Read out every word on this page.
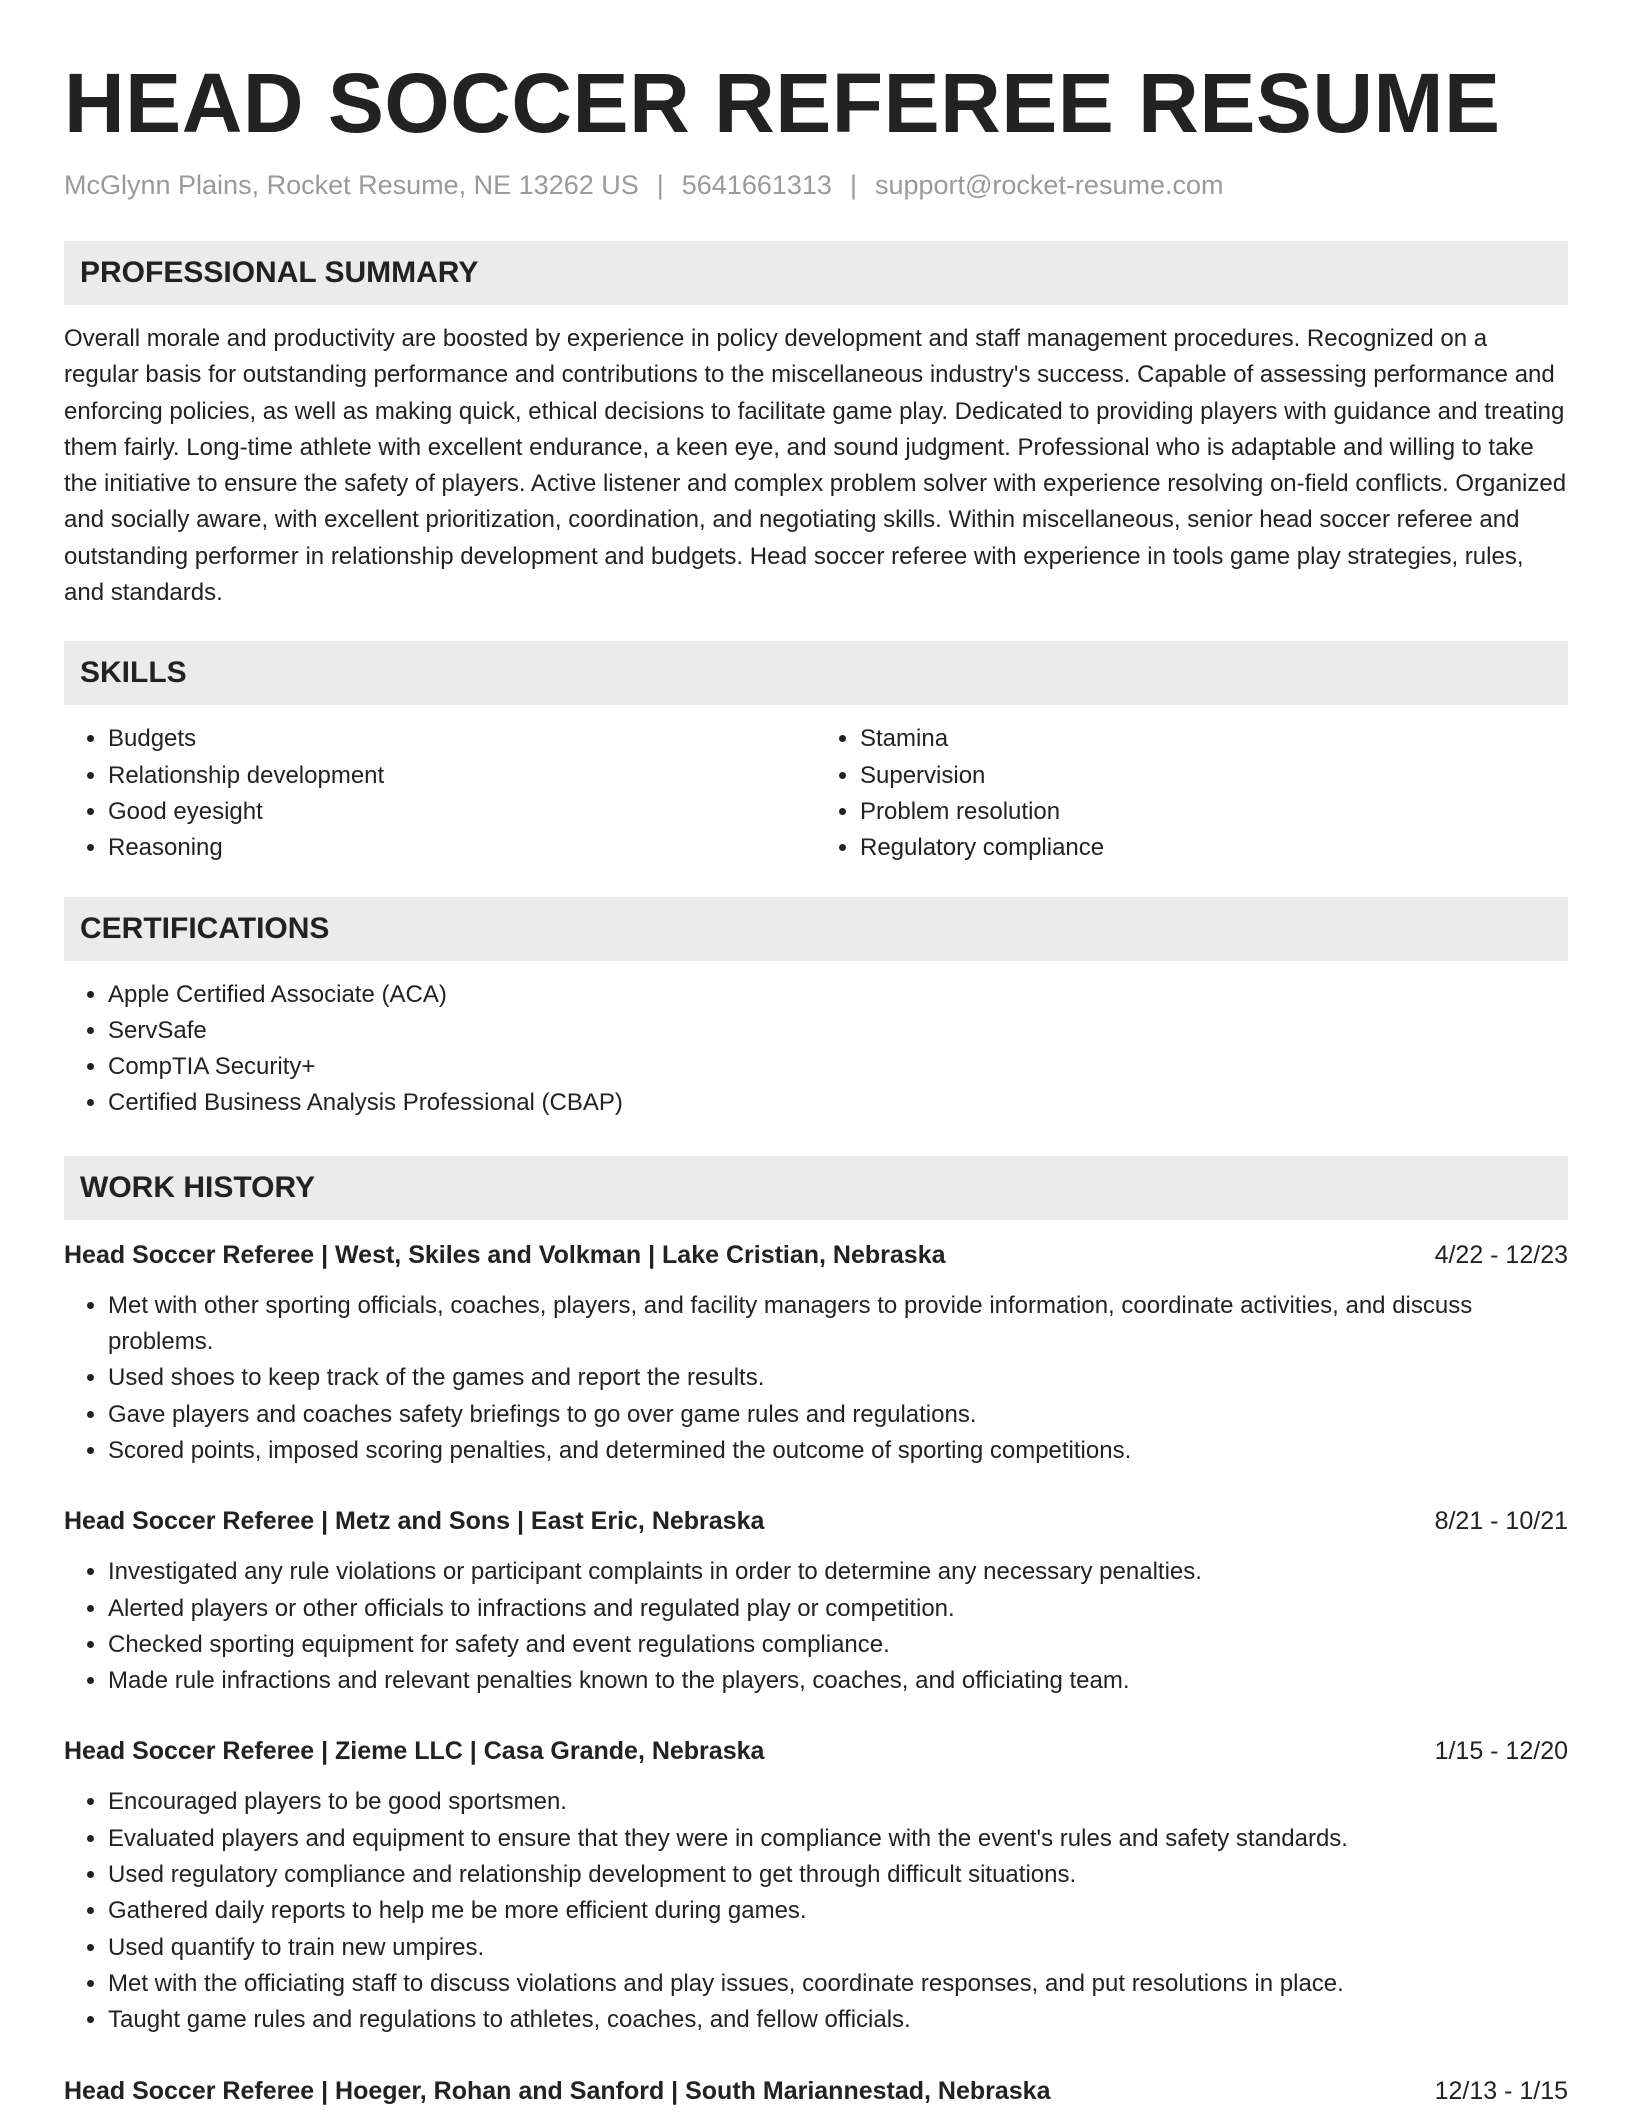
HEAD SOCCER REFEREE RESUME
McGlynn Plains, Rocket Resume, NE 13262 US | 5641661313 | support@rocket-resume.com
PROFESSIONAL SUMMARY

Overall morale and productivity are boosted by experience in policy development and staff management procedures. Recognized on a regular basis for outstanding performance and contributions to the miscellaneous industry's success. Capable of assessing performance and enforcing policies, as well as making quick, ethical decisions to facilitate game play. Dedicated to providing players with guidance and treating them fairly. Long-time athlete with excellent endurance, a keen eye, and sound judgment. Professional who is adaptable and willing to take the initiative to ensure the safety of players. Active listener and complex problem solver with experience resolving on-field conflicts. Organized and socially aware, with excellent prioritization, coordination, and negotiating skills. Within miscellaneous, senior head soccer referee and outstanding performer in relationship development and budgets. Head soccer referee with experience in tools game play strategies, rules, and standards.

SKILLS
• Budgets
• Relationship development
• Good eyesight
• Reasoning
• Stamina
• Supervision
• Problem resolution
• Regulatory compliance
CERTIFICATIONS
• Apple Certified Associate (ACA)
• ServSafe
• CompTIA Security+
• Certified Business Analysis Professional (CBAP)
WORK HISTORY
Head Soccer Referee | West, Skiles and Volkman | Lake Cristian, Nebraska	4/22 - 12/23
• Met with other sporting officials, coaches, players, and facility managers to provide information, coordinate activities, and discuss problems.
• Used shoes to keep track of the games and report the results.
• Gave players and coaches safety briefings to go over game rules and regulations.
• Scored points, imposed scoring penalties, and determined the outcome of sporting competitions.
Head Soccer Referee | Metz and Sons | East Eric, Nebraska	8/21 - 10/21
• Investigated any rule violations or participant complaints in order to determine any necessary penalties.
• Alerted players or other officials to infractions and regulated play or competition.
• Checked sporting equipment for safety and event regulations compliance.
• Made rule infractions and relevant penalties known to the players, coaches, and officiating team.
Head Soccer Referee | Zieme LLC | Casa Grande, Nebraska	1/15 - 12/20
• Encouraged players to be good sportsmen.
• Evaluated players and equipment to ensure that they were in compliance with the event's rules and safety standards.
• Used regulatory compliance and relationship development to get through difficult situations.
• Gathered daily reports to help me be more efficient during games.
• Used quantify to train new umpires.
• Met with the officiating staff to discuss violations and play issues, coordinate responses, and put resolutions in place.
• Taught game rules and regulations to athletes, coaches, and fellow officials.
Head Soccer Referee | Hoeger, Rohan and Sanford | South Mariannestad, Nebraska	12/13 - 1/15
